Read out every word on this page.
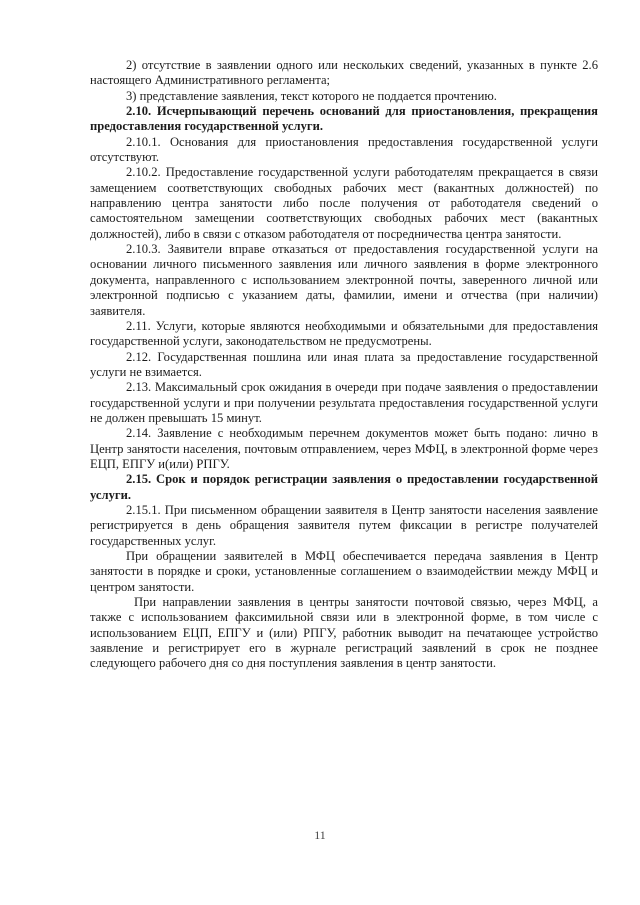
2) отсутствие в заявлении одного или нескольких сведений, указанных в пункте 2.6 настоящего Административного регламента;

3) представление заявления, текст которого не поддается прочтению.

2.10. Исчерпывающий перечень оснований для приостановления, прекращения предоставления государственной услуги.

2.10.1. Основания для приостановления предоставления государственной услуги отсутствуют.

2.10.2. Предоставление государственной услуги работодателям прекращается в связи замещением соответствующих свободных рабочих мест (вакантных должностей) по направлению центра занятости либо после получения от работодателя сведений о самостоятельном замещении соответствующих свободных рабочих мест (вакантных должностей), либо в связи с отказом работодателя от посредничества центра занятости.

2.10.3. Заявители вправе отказаться от предоставления государственной услуги на основании личного письменного заявления или личного заявления в форме электронного документа, направленного с использованием электронной почты, заверенного личной или электронной подписью с указанием даты, фамилии, имени и отчества (при наличии) заявителя.

2.11. Услуги, которые являются необходимыми и обязательными для предоставления государственной услуги, законодательством не предусмотрены.

2.12. Государственная пошлина или иная плата за предоставление государственной услуги не взимается.

2.13. Максимальный срок ожидания в очереди при подаче заявления о предоставлении государственной услуги и при получении результата предоставления государственной услуги не должен превышать 15 минут.

2.14. Заявление с необходимым перечнем документов может быть подано: лично в Центр занятости населения, почтовым отправлением, через МФЦ, в электронной форме через ЕЦП, ЕПГУ и(или) РПГУ.

2.15. Срок и порядок регистрации заявления о предоставлении государственной услуги.

2.15.1. При письменном обращении заявителя в Центр занятости населения заявление регистрируется в день обращения заявителя путем фиксации в регистре получателей государственных услуг.

При обращении заявителей в МФЦ обеспечивается передача заявления в Центр занятости в порядке и сроки, установленные соглашением о взаимодействии между МФЦ и центром занятости.

При направлении заявления в центры занятости почтовой связью, через МФЦ, а также с использованием факсимильной связи или в электронной форме, в том числе с использованием ЕЦП, ЕПГУ и (или) РПГУ, работник выводит на печатающее устройство заявление и регистрирует его в журнале регистраций заявлений в срок не позднее следующего рабочего дня со дня поступления заявления в центр занятости.

11
